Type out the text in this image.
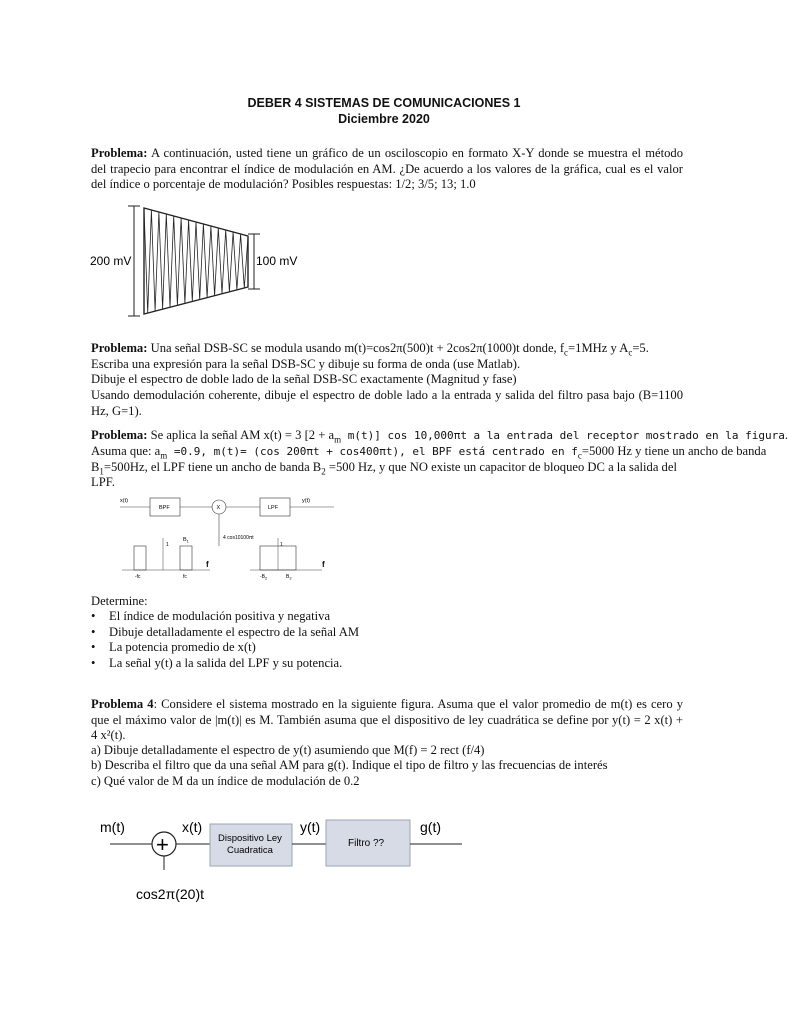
DEBER 4 SISTEMAS DE COMUNICACIONES 1
Diciembre 2020

Problema: A continuación, usted tiene un gráfico de un osciloscopio en formato X-Y donde se muestra el método del trapecio para encontrar el índice de modulación en AM. ¿De acuerdo a los valores de la gráfica, cual es el valor del índice o porcentaje de modulación? Posibles respuestas: 1/2; 3/5; 13; 1.0

200 mV	100 mV
Problema: Una señal DSB-SC se modula usando m(t)=cos2π(500)t + 2cos2π(1000)t donde, $f_c=1MHz$ y $A_c=5$.
Escriba una expresión para la señal DSB-SC y dibuje su forma de onda (use Matlab).
Dibuje el espectro de doble lado de la señal DSB-SC exactamente (Magnitud y fase)

Usando demodulación coherente, dibuje el espectro de doble lado a la entrada y salida del filtro pasa bajo (B=1100 Hz, G=1).

Problema: Se aplica la señal AM x(t) = 3 [$2 + a_m$ m(t)] cos 10,000πt a la entrada del receptor mostrado en la figura.
Asuma que: $a_m =0.9$, m(t)= (cos 200πt + cos400πt), el BPF está centrado en $f_c=5000$ Hz y tiene un ancho de banda
$B_1=500Hz$, el LPF tiene un ancho de banda $B_2 =500$ Hz, y que NO existe un capacitor de bloqueo DC a la salida del
LPF.
x(t)
BPF	X
4 cos10100πt
LPF
y(t)
1
$B_1$
-fc	fc
f
1
$-B_2$	$B_2$
f
Determine:
• El índice de modulación positiva y negativa
• Dibuje detalladamente el espectro de la señal AM
• La potencia promedio de x(t)
• La señal y(t) a la salida del LPF y su potencia.

Problema 4: Considere el sistema mostrado en la siguiente figura. Asuma que el valor promedio de m(t) es cero y que el máximo valor de |m(t)| es M. También asuma que el dispositivo de ley cuadrática se define por y(t) = 2 x(t) + 4 x²(t).

a) Dibuje detalladamente el espectro de y(t) asumiendo que M(f) = 2 rect (f/4)
b) Describa el filtro que da una señal AM para g(t). Indique el tipo de filtro y las frecuencias de interés
c) Qué valor de M da un índice de modulación de 0.2
+
m(t)	x(t)
Dispositivo Ley
Cuadratica
y(t)
Filtro ??
g(t)
cos2π(20)t
